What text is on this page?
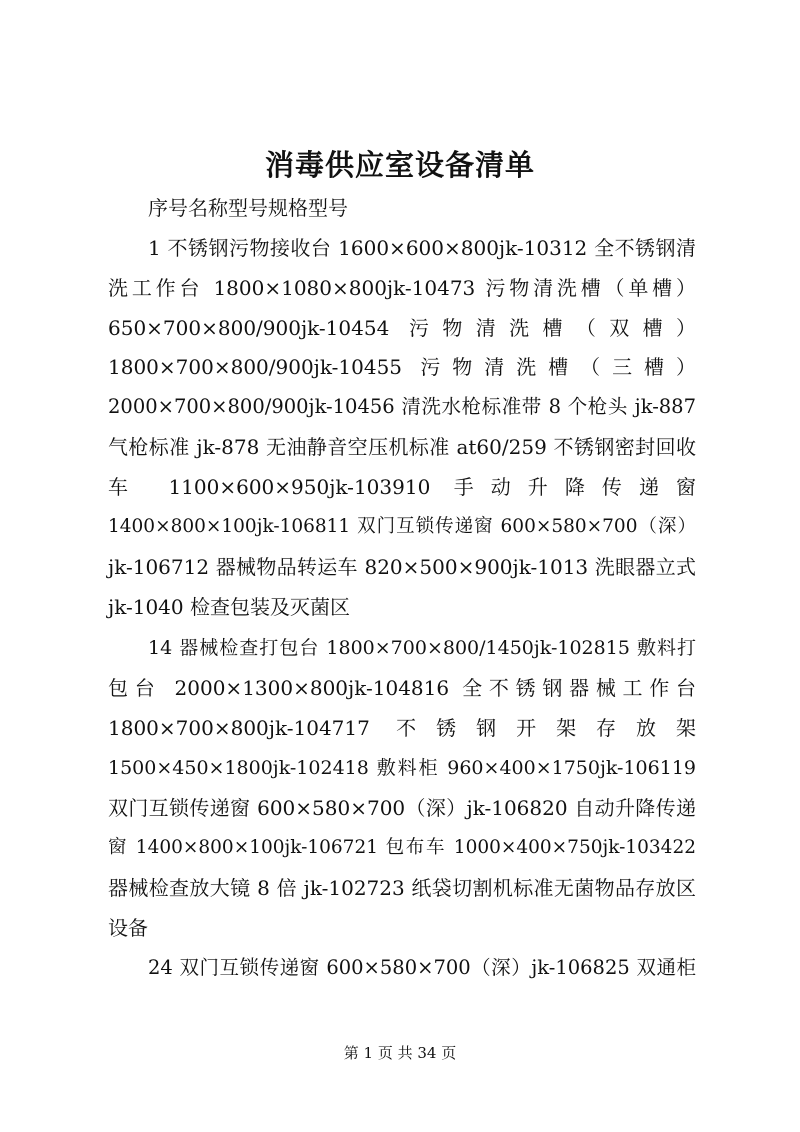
消毒供应室设备清单
序号名称型号规格型号
1 不锈钢污物接收台 1600×600×800jk-10312 全不锈钢清
洗工作台 1800×1080×800jk-10473 污物清洗槽（单槽）
650×700×800/900jk-10454 污物清洗槽（双槽）
1800×700×800/900jk-10455 污物清洗槽（三槽）
2000×700×800/900jk-10456 清洗水枪标准带 8 个枪头 jk-887
气枪标准 jk-878 无油静音空压机标准 at60/259 不锈钢密封回收
车 1100×600×950jk-103910 手动升降传递窗
1400×800×100jk-106811 双门互锁传递窗 600×580×700（深）
jk-106712 器械物品转运车 820×500×900jk-1013 洗眼器立式
jk-1040 检查包装及灭菌区
14 器械检查打包台 1800×700×800/1450jk-102815 敷料打
包台 2000×1300×800jk-104816 全不锈钢器械工作台
1800×700×800jk-104717 不锈钢开架存放架
1500×450×1800jk-102418 敷料柜 960×400×1750jk-106119
双门互锁传递窗 600×580×700（深）jk-106820 自动升降传递
窗 1400×800×100jk-106721 包布车 1000×400×750jk-103422
器械检查放大镜 8 倍 jk-102723 纸袋切割机标准无菌物品存放区
设备
24 双门互锁传递窗 600×580×700（深）jk-106825 双通柜
第 1 页 共 34 页
